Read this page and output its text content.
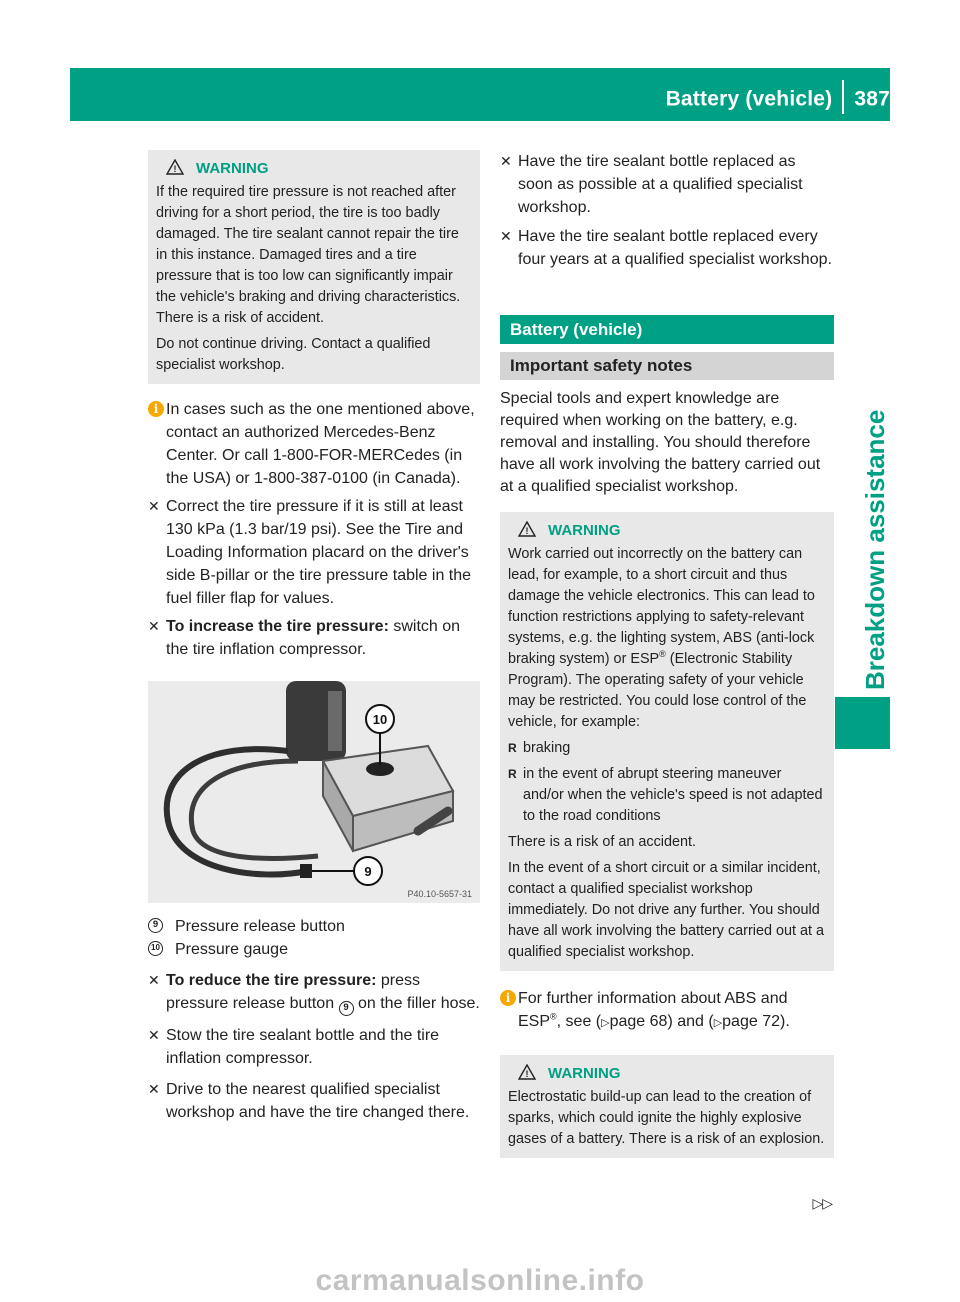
Battery (vehicle) 387
Breakdown assistance
! WARNING

If the required tire pressure is not reached after driving for a short period, the tire is too badly damaged. The tire sealant cannot repair the tire in this instance. Damaged tires and a tire pressure that is too low can significantly impair the vehicle's braking and driving characteristics. There is a risk of accident.

Do not continue driving. Contact a qualified specialist workshop.

i In cases such as the one mentioned above, contact an authorized Mercedes-Benz Center. Or call 1-800-FOR-MERCedes (in the USA) or 1-800-387-0100 (in Canada).
✕ Correct the tire pressure if it is still at least 130 kPa (1.3 bar/19 psi). See the Tire and Loading Information placard on the driver's side B-pillar or the tire pressure table in the fuel filler flap for values.
✕ To increase the tire pressure: switch on the tire inflation compressor.
10
9
P40.10-5657-31
9	Pressure release button
10 Pressure gauge
✕ To reduce the tire pressure: press pressure release button 9 on the filler hose.
✕ Stow the tire sealant bottle and the tire inflation compressor.
✕ Drive to the nearest qualified specialist workshop and have the tire changed there.
✕ Have the tire sealant bottle replaced as soon as possible at a qualified specialist workshop.
✕ Have the tire sealant bottle replaced every four years at a qualified specialist workshop.
Battery (vehicle)
Important safety notes

Special tools and expert knowledge are required when working on the battery, e.g. removal and installing. You should therefore have all work involving the battery carried out at a qualified specialist workshop.

! WARNING

Work carried out incorrectly on the battery can lead, for example, to a short circuit and thus damage the vehicle electronics. This can lead to function restrictions applying to safety-relevant systems, e.g. the lighting system, ABS (anti-lock braking system) or ESP® (Electronic Stability Program). The operating safety of your vehicle may be restricted. You could lose control of the vehicle, for example:

R braking

R in the event of abrupt steering maneuver and/or when the vehicle's speed is not adapted to the road conditions

There is a risk of an accident.

In the event of a short circuit or a similar incident, contact a qualified specialist workshop immediately. Do not drive any further. You should have all work involving the battery carried out at a qualified specialist workshop.

i For further information about ABS and ESP®, see (▷page 68) and (▷page 72).
! WARNING

Electrostatic build-up can lead to the creation of sparks, which could ignite the highly explosive gases of a battery. There is a risk of an explosion.

▷▷
carmanualsonline.info
